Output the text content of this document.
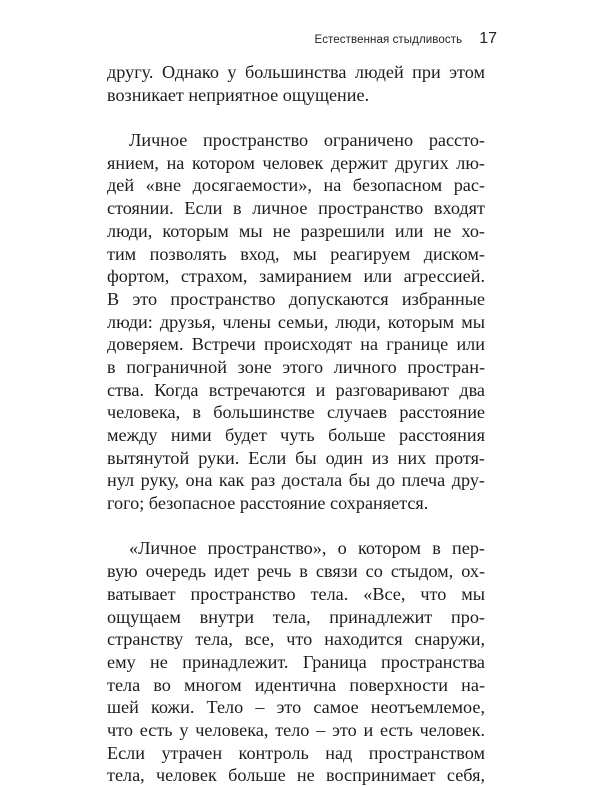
Естественная стыдливость 17
другу. Однако у большинства людей при этом
возникает неприятное ощущение.
Личное пространство ограничено рассто-
янием, на котором человек держит других лю-
дей «вне досягаемости», на безопасном рас-
стоянии. Если в личное пространство входят
люди, которым мы не разрешили или не хо-
тим позволять вход, мы реагируем диском-
фортом, страхом, замиранием или агрессией.
В это пространство допускаются избранные
люди: друзья, члены семьи, люди, которым мы
доверяем. Встречи происходят на границе или
в пограничной зоне этого личного простран-
ства. Когда встречаются и разговаривают два
человека, в большинстве случаев расстояние
между ними будет чуть больше расстояния
вытянутой руки. Если бы один из них протя-
нул руку, она как раз достала бы до плеча дру-
гого; безопасное расстояние сохраняется.
«Личное пространство», о котором в пер-
вую очередь идет речь в связи со стыдом, ох-
ватывает пространство тела. «Все, что мы
ощущаем внутри тела, принадлежит про-
странству тела, все, что находится снаружи,
ему не принадлежит. Граница пространства
тела во многом идентична поверхности на-
шей кожи. Тело – это самое неотъемлемое,
что есть у человека, тело – это и есть человек.
Если утрачен контроль над пространством
тела, человек больше не воспринимает себя,
